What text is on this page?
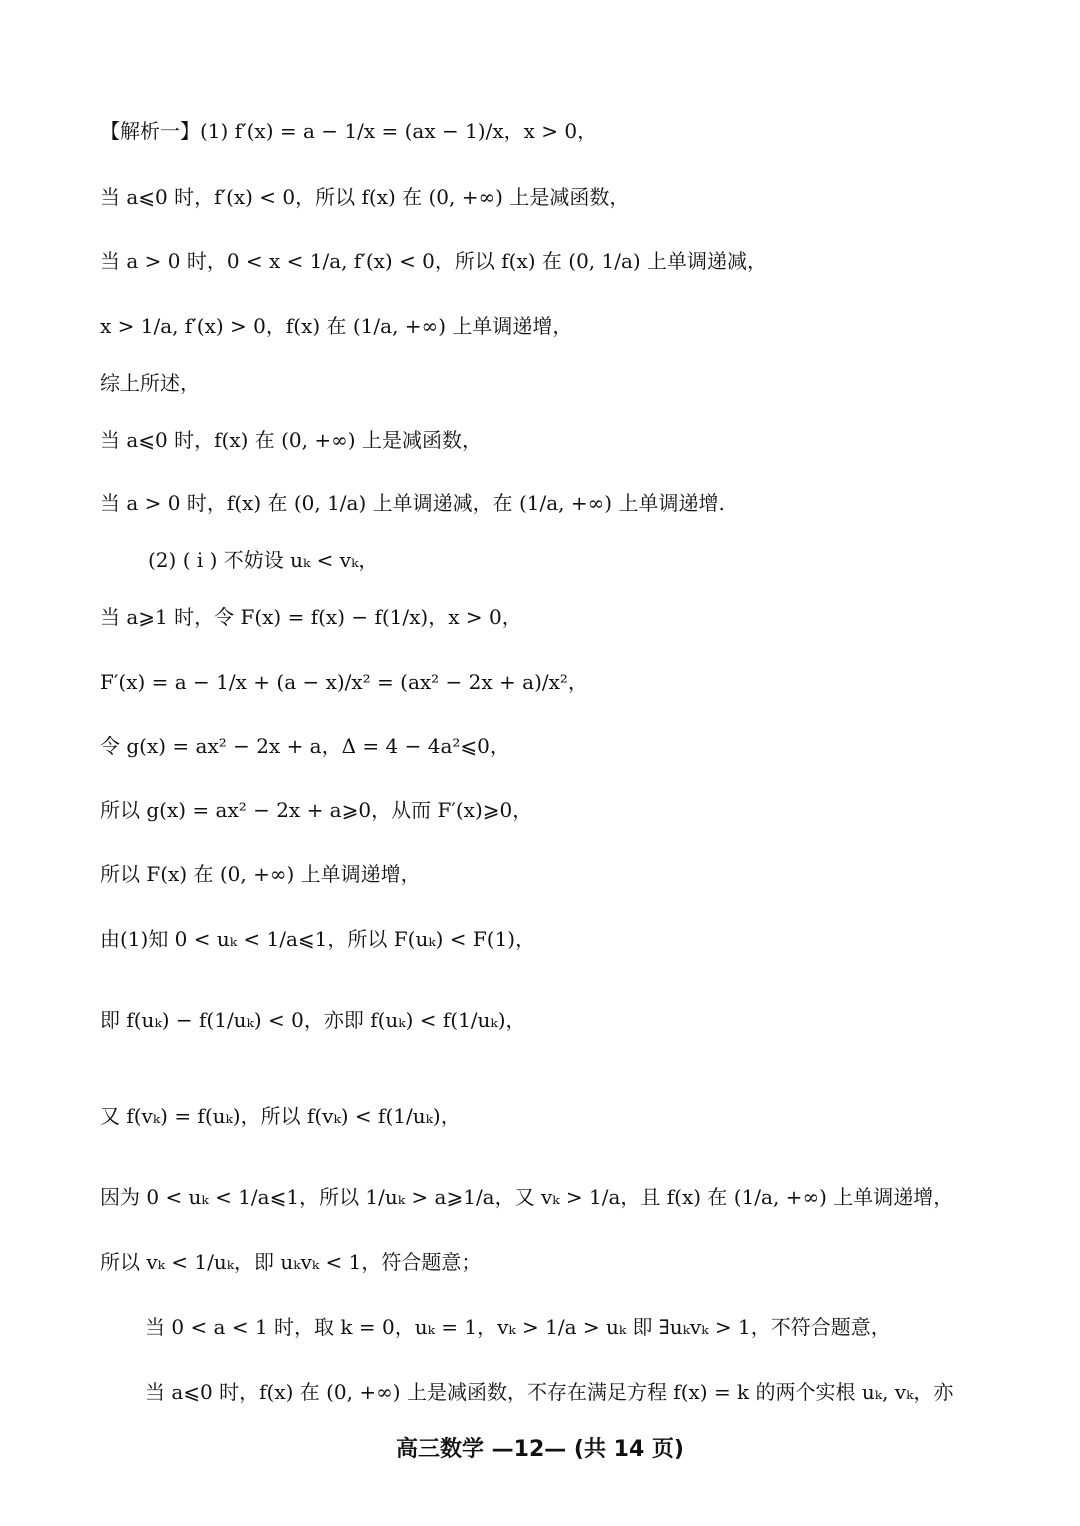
【解析一】(1) f′(x) = a − 1/x = (ax − 1)/x，x > 0，
当 a⩽0 时，f′(x) < 0，所以 f(x) 在 (0, +∞) 上是减函数，
当 a > 0 时，0 < x < 1/a, f′(x) < 0，所以 f(x) 在 (0, 1/a) 上单调递减，
x > 1/a, f′(x) > 0，f(x) 在 (1/a, +∞) 上单调递增，
综上所述，
当 a⩽0 时，f(x) 在 (0, +∞) 上是减函数，
当 a > 0 时，f(x) 在 (0, 1/a) 上单调递减，在 (1/a, +∞) 上单调递增.
(2) ( i ) 不妨设 uₖ < vₖ，
当 a⩾1 时，令 F(x) = f(x) − f(1/x)，x > 0，
F′(x) = a − 1/x + (a − x)/x² = (ax² − 2x + a)/x²，
令 g(x) = ax² − 2x + a，Δ = 4 − 4a²⩽0，
所以 g(x) = ax² − 2x + a⩾0，从而 F′(x)⩾0，
所以 F(x) 在 (0, +∞) 上单调递增，
由(1)知 0 < uₖ < 1/a⩽1，所以 F(uₖ) < F(1)，
即 f(uₖ) − f(1/uₖ) < 0，亦即 f(uₖ) < f(1/uₖ)，
又 f(vₖ) = f(uₖ)，所以 f(vₖ) < f(1/uₖ)，
因为 0 < uₖ < 1/a⩽1，所以 1/uₖ > a⩾1/a，又 vₖ > 1/a，且 f(x) 在 (1/a, +∞) 上单调递增，
所以 vₖ < 1/uₖ，即 uₖvₖ < 1，符合题意；
当 0 < a < 1 时，取 k = 0，uₖ = 1，vₖ > 1/a > uₖ 即 ∃uₖvₖ > 1，不符合题意，
当 a⩽0 时，f(x) 在 (0, +∞) 上是减函数，不存在满足方程 f(x) = k 的两个实根 uₖ, vₖ，亦
高三数学 —12— (共 14 页)
